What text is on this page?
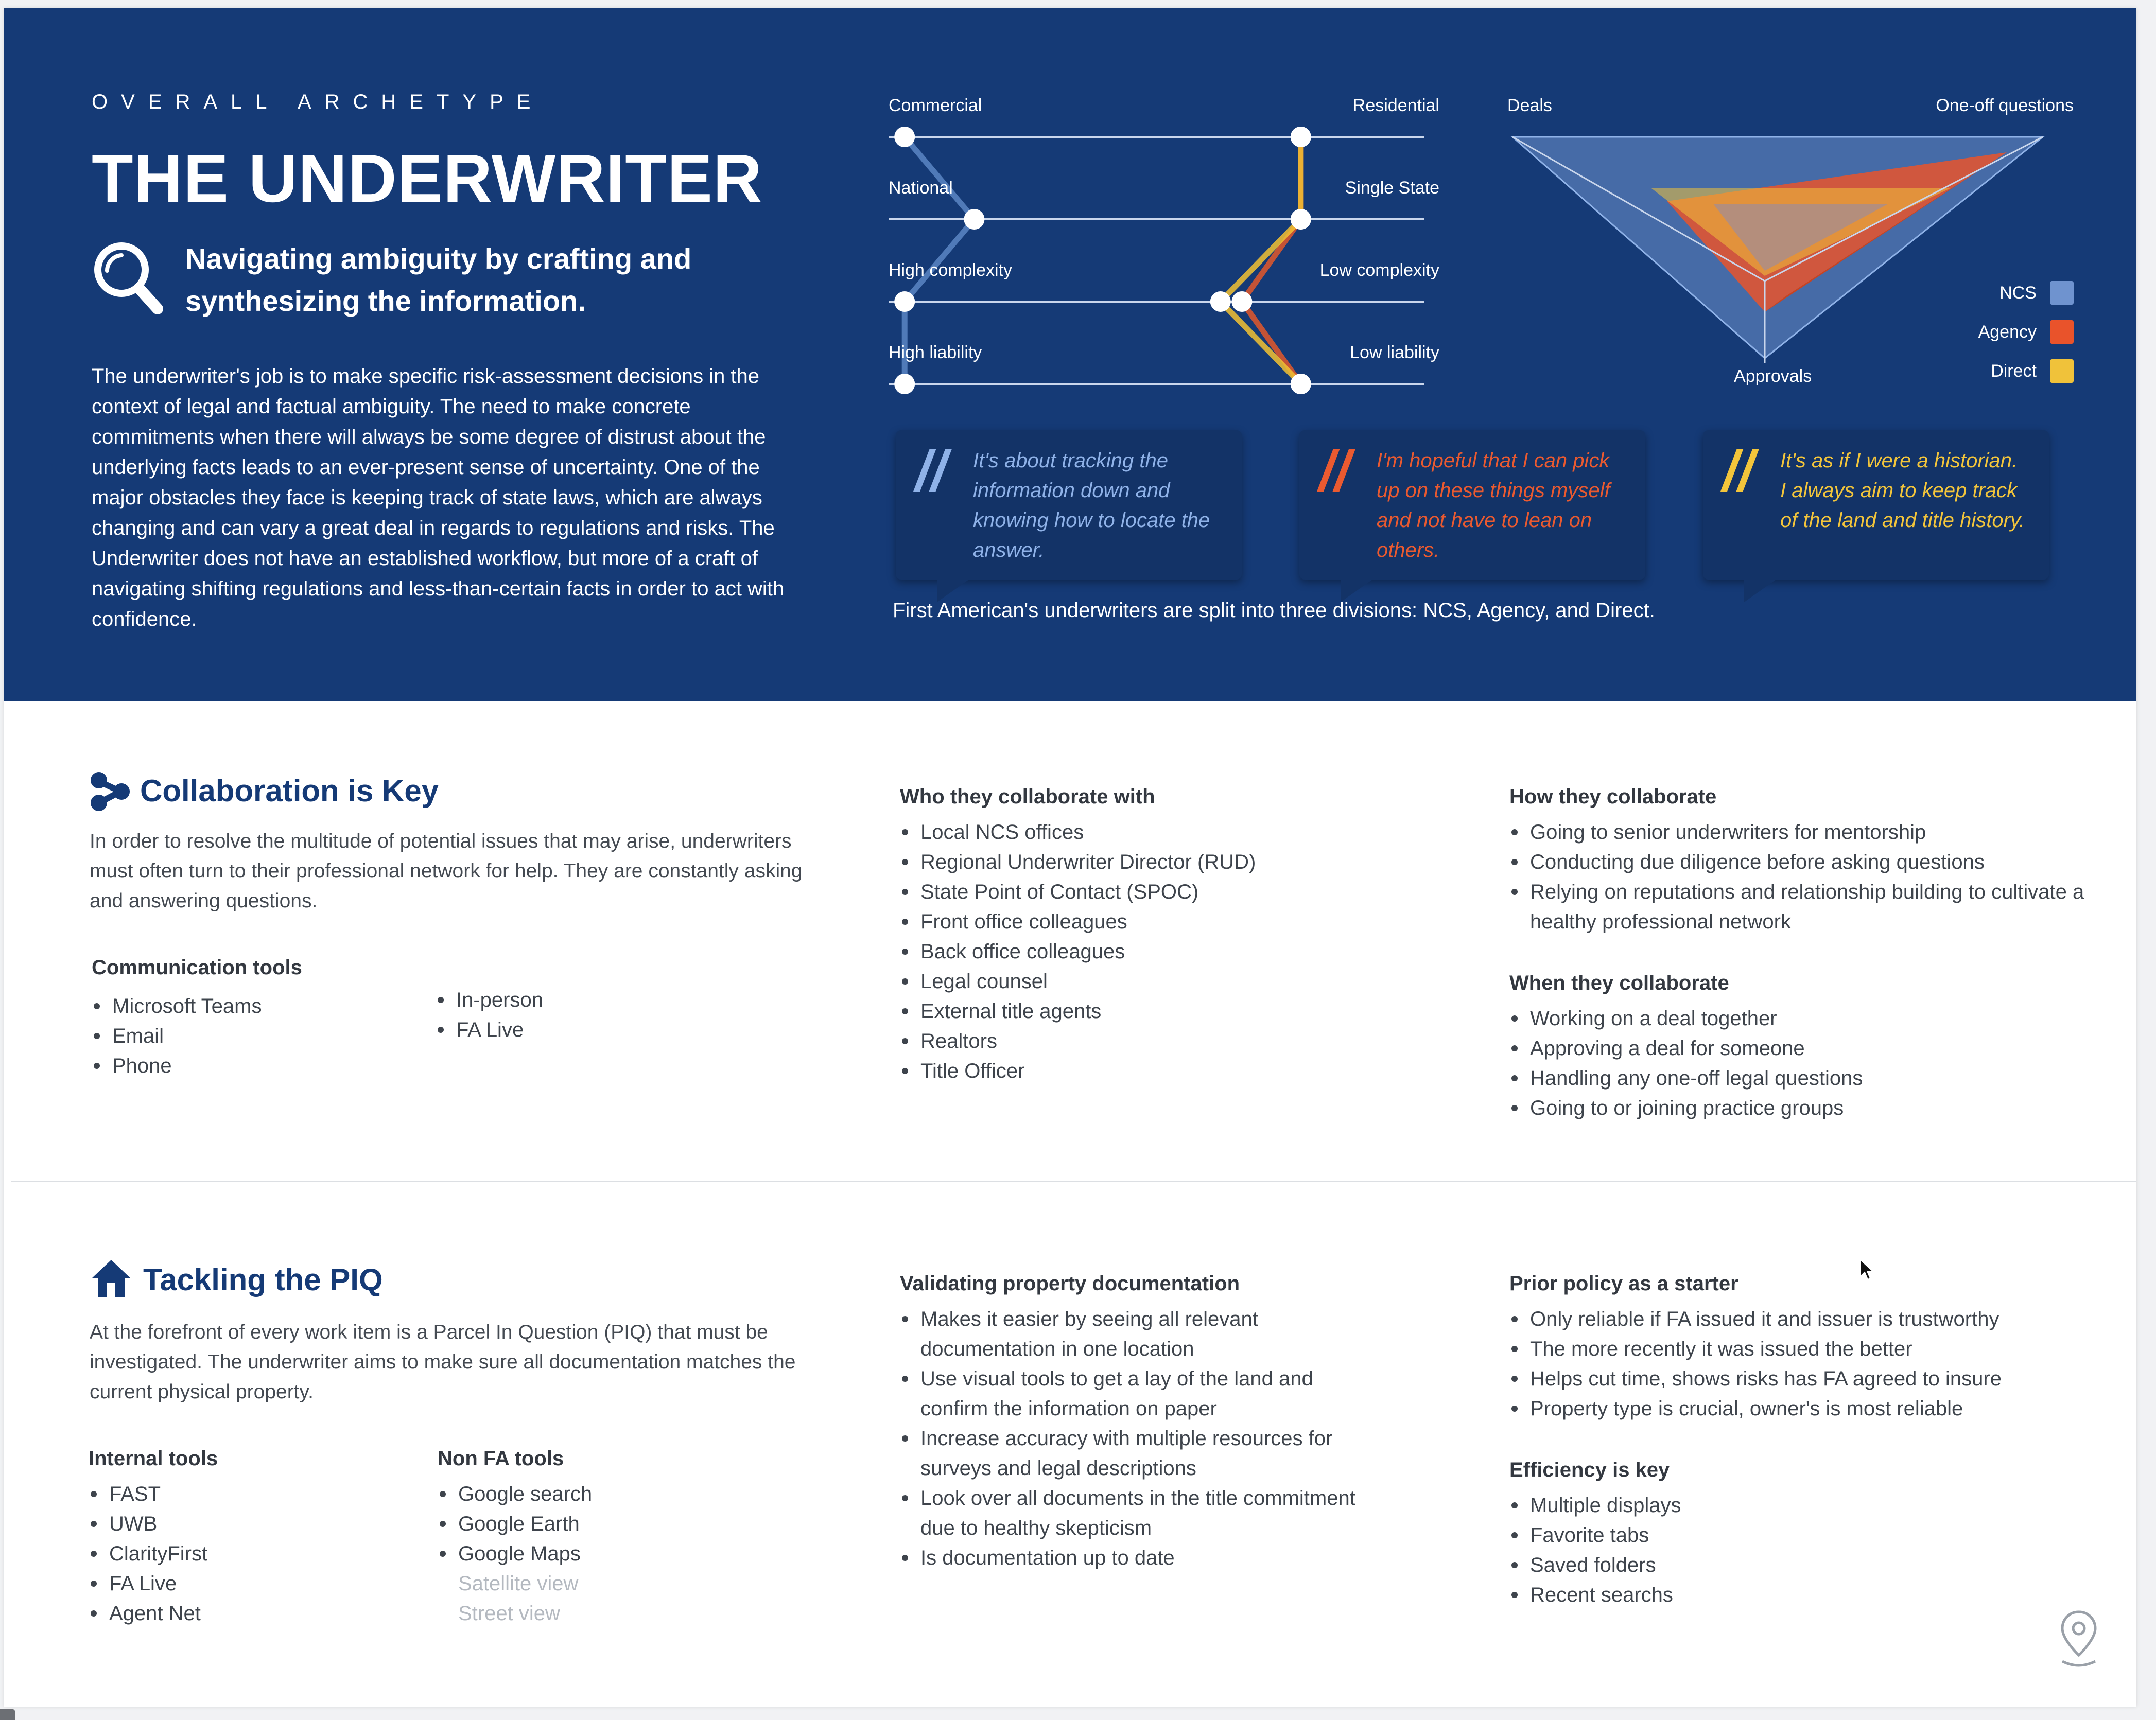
OVERALL ARCHETYPE

THE UNDERWRITER

Navigating ambiguity by crafting and synthesizing the information.

The underwriter's job is to make specific risk-assessment decisions in the context of legal and factual ambiguity. The need to make concrete commitments when there will always be some degree of distrust about the underlying facts leads to an ever-present sense of uncertainty. One of the major obstacles they face is keeping track of state laws, which are always changing and can vary a great deal in regards to regulations and risks. The Underwriter does not have an established workflow, but more of a craft of navigating shifting regulations and less-than-certain facts in order to act with confidence.

Commercial	Residential
National	Single State
High complexity	Low complexity
High liability	Low liability
Deals	One-off questions
Approvals
NCS
Agency
Direct
// It's about tracking the information down and knowing how to locate the answer.

// I'm hopeful that I can pick up on these things myself and not have to lean on others.

// It's as if I were a historian. I always aim to keep track of the land and title history.

First American's underwriters are split into three divisions: NCS, Agency, and Direct.

Collaboration is Key

In order to resolve the multitude of potential issues that may arise, underwriters must often turn to their professional network for help. They are constantly asking and answering questions.

Communication tools

Microsoft Teams
Email
Phone
In-person
FA Live

Who they collaborate with

Local NCS offices
Regional Underwriter Director (RUD)
State Point of Contact (SPOC)
Front office colleagues
Back office colleagues
Legal counsel
External title agents
Realtors
Title Officer

How they collaborate

Going to senior underwriters for mentorship
Conducting due diligence before asking questions
Relying on reputations and relationship building to cultivate a healthy professional network

When they collaborate

Working on a deal together
Approving a deal for someone
Handling any one-off legal questions
Going to or joining practice groups
Tackling the PIQ

At the forefront of every work item is a Parcel In Question (PIQ) that must be investigated. The underwriter aims to make sure all documentation matches the current physical property.

Internal tools

FAST
UWB
ClarityFirst
FA Live
Agent Net

Non FA tools

Google search
Google Earth
Google Maps
Satellite view
Street view

Validating property documentation

Makes it easier by seeing all relevant documentation in one location
Use visual tools to get a lay of the land and confirm the information on paper
Increase accuracy with multiple resources for surveys and legal descriptions
Look over all documents in the title commitment due to healthy skepticism
Is documentation up to date

Prior policy as a starter

Only reliable if FA issued it and issuer is trustworthy
The more recently it was issued the better
Helps cut time, shows risks has FA agreed to insure
Property type is crucial, owner's is most reliable

Efficiency is key

Multiple displays
Favorite tabs
Saved folders
Recent searchs
